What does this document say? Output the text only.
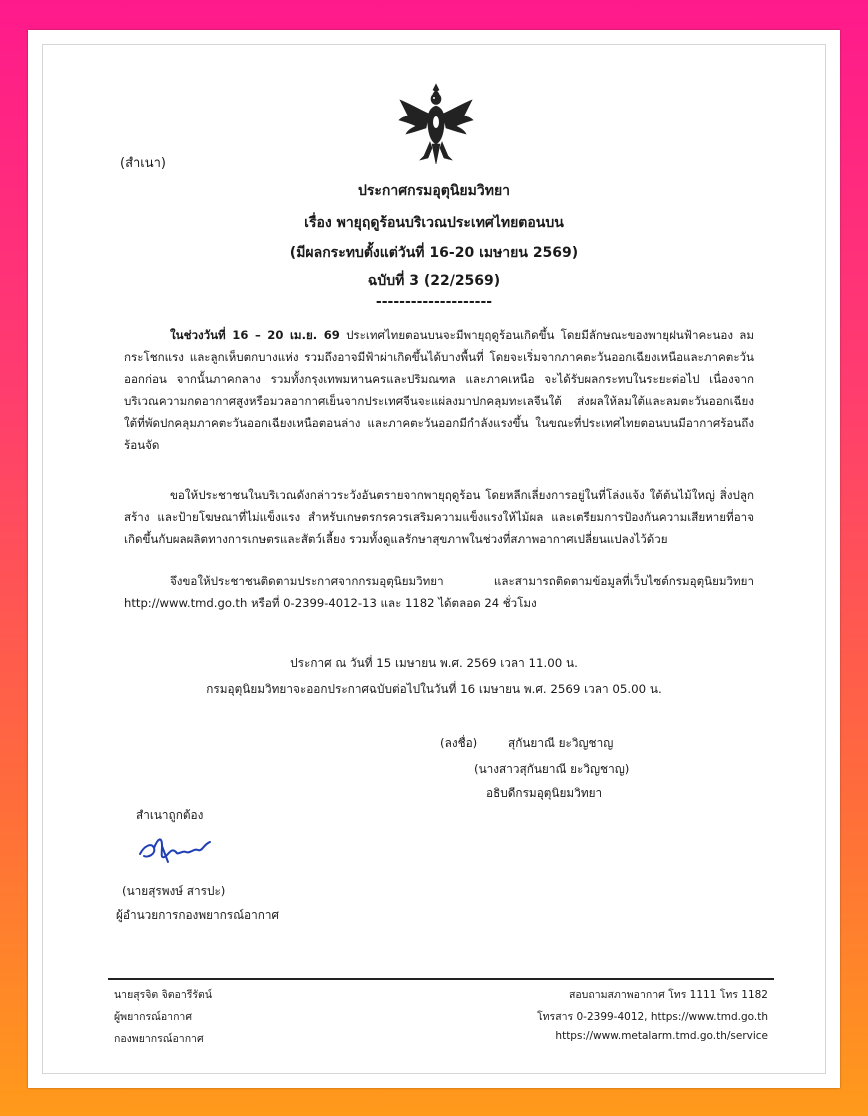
(สำเนา)
ประกาศกรมอุตุนิยมวิทยา
เรื่อง พายุฤดูร้อนบริเวณประเทศไทยตอนบน
(มีผลกระทบตั้งแต่วันที่ 16-20 เมษายน 2569)
ฉบับที่ 3 (22/2569)
--------------------
ในช่วงวันที่ 16 – 20 เม.ย. 69 ประเทศไทยตอนบนจะมีพายุฤดูร้อนเกิดขึ้น โดยมีลักษณะของพายุฝนฟ้าคะนอง ลมกระโชกแรง และลูกเห็บตกบางแห่ง รวมถึงอาจมีฟ้าผ่าเกิดขึ้นได้บางพื้นที่ โดยจะเริ่มจากภาคตะวันออกเฉียงเหนือและภาคตะวันออกก่อน จากนั้นภาคกลาง รวมทั้งกรุงเทพมหานครและปริมณฑล และภาคเหนือ จะได้รับผลกระทบในระยะต่อไป เนื่องจากบริเวณความกดอากาศสูงหรือมวลอากาศเย็นจากประเทศจีนจะแผ่ลงมาปกคลุมทะเลจีนใต้ ส่งผลให้ลมใต้และลมตะวันออกเฉียงใต้ที่พัดปกคลุมภาคตะวันออกเฉียงเหนือตอนล่าง และภาคตะวันออกมีกำลังแรงขึ้น ในขณะที่ประเทศไทยตอนบนมีอากาศร้อนถึงร้อนจัด
ขอให้ประชาชนในบริเวณดังกล่าวระวังอันตรายจากพายุฤดูร้อน โดยหลีกเลี่ยงการอยู่ในที่โล่งแจ้ง ใต้ต้นไม้ใหญ่ สิ่งปลูกสร้าง และป้ายโฆษณาที่ไม่แข็งแรง สำหรับเกษตรกรควรเสริมความแข็งแรงให้ไม้ผล และเตรียมการป้องกันความเสียหายที่อาจเกิดขึ้นกับผลผลิตทางการเกษตรและสัตว์เลี้ยง รวมทั้งดูแลรักษาสุขภาพในช่วงที่สภาพอากาศเปลี่ยนแปลงไว้ด้วย
จึงขอให้ประชาชนติดตามประกาศจากกรมอุตุนิยมวิทยา และสามารถติดตามข้อมูลที่เว็บไซต์กรมอุตุนิยมวิทยา http://www.tmd.go.th หรือที่ 0-2399-4012-13 และ 1182 ได้ตลอด 24 ชั่วโมง
ประกาศ ณ วันที่ 15 เมษายน พ.ศ. 2569 เวลา 11.00 น.
กรมอุตุนิยมวิทยาจะออกประกาศฉบับต่อไปในวันที่ 16 เมษายน พ.ศ. 2569 เวลา 05.00 น.
(ลงชื่อ)	สุกันยาณี ยะวิญชาญ
(นางสาวสุกันยาณี ยะวิญชาญ)
อธิบดีกรมอุตุนิยมวิทยา
สำเนาถูกต้อง
(นายสุรพงษ์ สารปะ)
ผู้อำนวยการกองพยากรณ์อากาศ
นายสุรจิต จิตอารีรัตน์
ผู้พยากรณ์อากาศ
กองพยากรณ์อากาศ
สอบถามสภาพอากาศ โทร 1111 โทร 1182
โทรสาร 0-2399-4012, https://www.tmd.go.th
https://www.metalarm.tmd.go.th/service
